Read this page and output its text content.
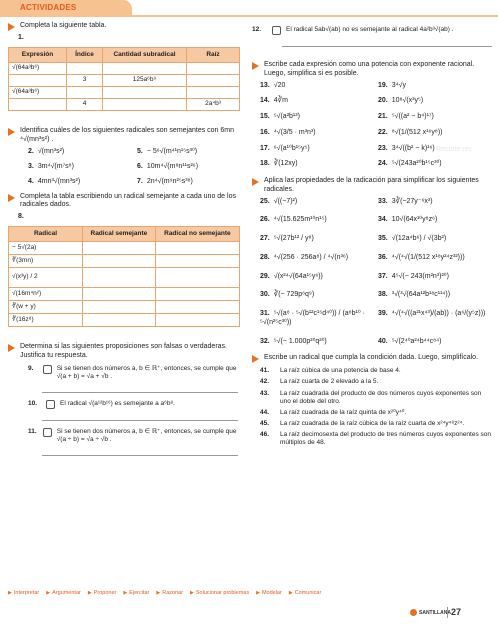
ACTIVIDADES

Completa la siguiente tabla.

1.
Expresión	Índice	Cantidad subradical	Raíz
√(64a³b⁶)			
	3	125a⁶b⁹	
√(64a³b⁶)			
	4		2a⁴b³

Identifica cuáles de los siguientes radicales son semejantes con 6mn ⁴√(mn³s²) .

2. √(mn³s²)	5. − 5⁶√(m⁴¹n¹⁵s³⁰)
3. 3m⁴√(m⁷s⁸)	6. 10m⁴√(m⁸n¹¹s²⁶)
4. 4mn³√(mn³s²)	7. 2n⁴√(m⁹n²⁵s³⁸)

Completa la tabla escribiendo un radical semejante a cada uno de los radicales dados.

8.
Radical	Radical semejante	Radical no semejante
− 5√(2a)		
∛(3mn)		
√(x³y) / 2		
√(16m⁴n²)		
∛(w + y)		
∛(16z⁸)		

Determina si las siguientes proposiciones son falsas o verdaderas. Justifica tu respuesta.

9.	Si se tienen dos números a, b ∈ ℝ⁺, entonces, se cumple que √(a + b) = √a + √b .
10.	El radical √(a¹²b¹⁶) es semejante a a⁶b⁸.
11.	Si se tienen dos números a, b ∈ ℝ⁺, entonces, se cumple que √(a ÷ b) = √a ÷ √b .
12.	El radical 5ab√(ab) no es semejante al radical 4a²b³√(ab) .

Escribe cada expresión como una potencia con exponente racional. Luego, simplifica si es posible.

13. √20	19. 3⁴√y
14. 4∛m	20. 10⁸√(x³y⁵)
15. ⁵√(a²b¹³)	21. ⁵√((a² − b⁴)¹⁷)
16. ⁴√(3/5 · m³n³)	22. ⁸√(1/(512 x¹⁶y⁸))
17. ⁶√(a¹⁰b¹⁵y⁵)	23. 3⁴√((b² − k)¹⁶)
18. ∛(12xy)	24. ⁵√(243a²⁰b¹⁵c³⁰)

Aplica las propiedades de la radicación para simplificar los siguientes radicales.

25. √((−7)²)	33. 3∛(−27y⁻⁶x³)
26. ⁴√(15.625m¹⁰n¹⁵)	34. 10√(64x¹⁰y⁸z⁶)
27. ⁵√(27b¹² / y⁸)	35. √(12a⁴b⁶) / √(3b²)
28. ⁴√(256 · 256a⁸) / ⁴√(n³⁶)	36. ⁴√(⁴√(1/(512 x¹⁸y²⁴z³²)))
29. √(x²⁴√(64a¹⁵y⁶))	37. 4⁵√(− 243(m²n³)²⁰)
30. ∛(− 729p⁶q⁹)	38. ³√(³√(64a¹²b¹⁸c¹¹⁴))
31. ⁵√(a⁸ · ⁵√(b¹²c¹⁵d⁴⁰)) / (a⁸b¹⁰ · ⁵√(n²⁵c³⁰))
39. ⁴√(⁴√((a²¹x⁴³)/(ab)) · (a⁶/(y⁵z)))
32. ⁵√(− 1.000p²⁰q²⁰)	40. ⁵√(2⁴⁰a²⁴b⁴⁴c⁸⁴)

Escribe un radical que cumpla la condición dada. Luego, simplifícalo.

41.	La raíz cúbica de una potencia de base 4.
42.	La raíz cuarta de 2 elevado a la 5.
43.	La raíz cuadrada del producto de dos números cuyos exponentes son uno el doble del otro.
44.	La raíz cuadrada de la raíz quinta de x²⁰y⁴⁰.
45.	La raíz cuadrada de la raíz cúbica de la raíz cuarta de x²⁴y⁴⁸z²⁴.
46.	La raíz decimosexta del producto de tres números cuyos exponentes son múltiplos de 48.
Recorte rec
▶ Interpretar	▶ Argumentar	▶ Proponer	▶ Ejercitar	▶ Razonar	▶ Solucionar problemas	▶ Modelar	▶ Comunicar
SANTILLANA 27
